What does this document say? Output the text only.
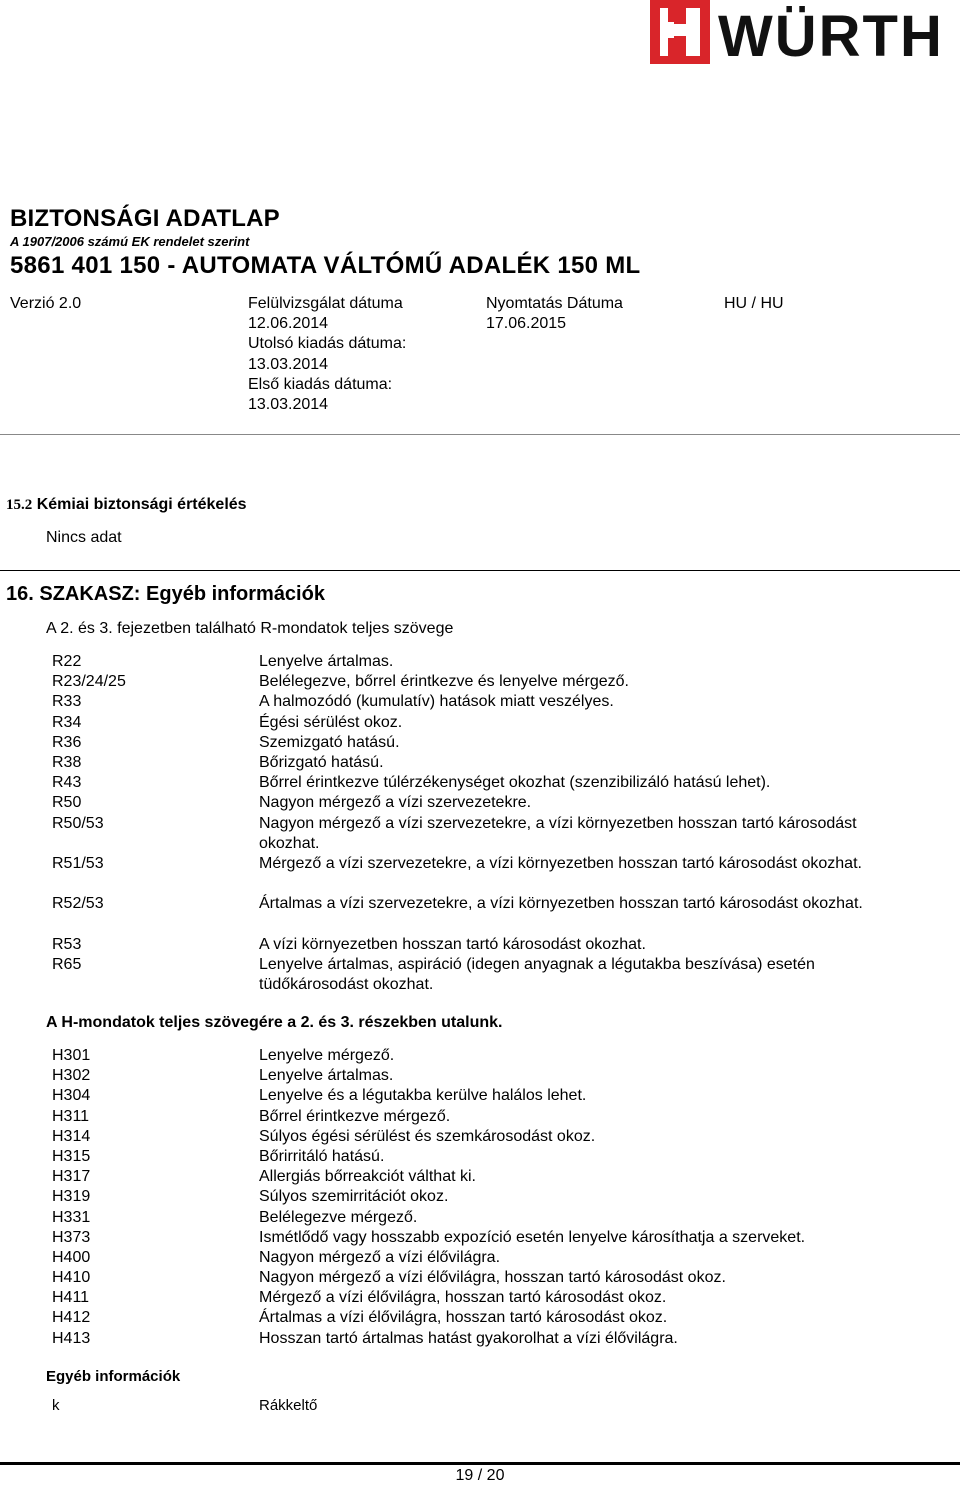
WÜRTH
BIZTONSÁGI ADATLAP
A 1907/2006 számú EK rendelet szerint
5861 401 150 - AUTOMATA VÁLTÓMŰ ADALÉK 150 ML
Verzió 2.0	Felülvizsgálat dátuma
12.06.2014
Utolsó kiadás dátuma:
13.03.2014
Első kiadás dátuma:
13.03.2014
Nyomtatás Dátuma
17.06.2015
HU / HU
15.2 Kémiai biztonsági értékelés
Nincs adat
16. SZAKASZ: Egyéb információk
A 2. és 3. fejezetben található R-mondatok teljes szövege
R22
R23/24/25
R33
R34
R36
R38
R43
R50
R50/53
R51/53
R52/53
R53
R65
Lenyelve ártalmas.
Belélegezve, bőrrel érintkezve és lenyelve mérgező.
A halmozódó (kumulatív) hatások miatt veszélyes.
Égési sérülést okoz.
Szemizgató hatású.
Bőrizgató hatású.
Bőrrel érintkezve túlérzékenységet okozhat (szenzibilizáló hatású lehet).
Nagyon mérgező a vízi szervezetekre.
Nagyon mérgező a vízi szervezetekre, a vízi környezetben hosszan tartó károsodást okozhat.
Mérgező a vízi szervezetekre, a vízi környezetben hosszan tartó károsodást okozhat.
Ártalmas a vízi szervezetekre, a vízi környezetben hosszan tartó károsodást okozhat.
A vízi környezetben hosszan tartó károsodást okozhat.
Lenyelve ártalmas, aspiráció (idegen anyagnak a légutakba beszívása) esetén tüdőkárosodást okozhat.
A H-mondatok teljes szövegére a 2. és 3. részekben utalunk.
H301
H302
H304
H311
H314
H315
H317
H319
H331
H373
H400
H410
H411
H412
H413
Lenyelve mérgező.
Lenyelve ártalmas.
Lenyelve és a légutakba kerülve halálos lehet.
Bőrrel érintkezve mérgező.
Súlyos égési sérülést és szemkárosodást okoz.
Bőrirritáló hatású.
Allergiás bőrreakciót válthat ki.
Súlyos szemirritációt okoz.
Belélegezve mérgező.
Ismétlődő vagy hosszabb expozíció esetén lenyelve károsíthatja a szerveket.
Nagyon mérgező a vízi élővilágra.
Nagyon mérgező a vízi élővilágra, hosszan tartó károsodást okoz.
Mérgező a vízi élővilágra, hosszan tartó károsodást okoz.
Ártalmas a vízi élővilágra, hosszan tartó károsodást okoz.
Hosszan tartó ártalmas hatást gyakorolhat a vízi élővilágra.
Egyéb információk
k	Rákkeltő
19 / 20
